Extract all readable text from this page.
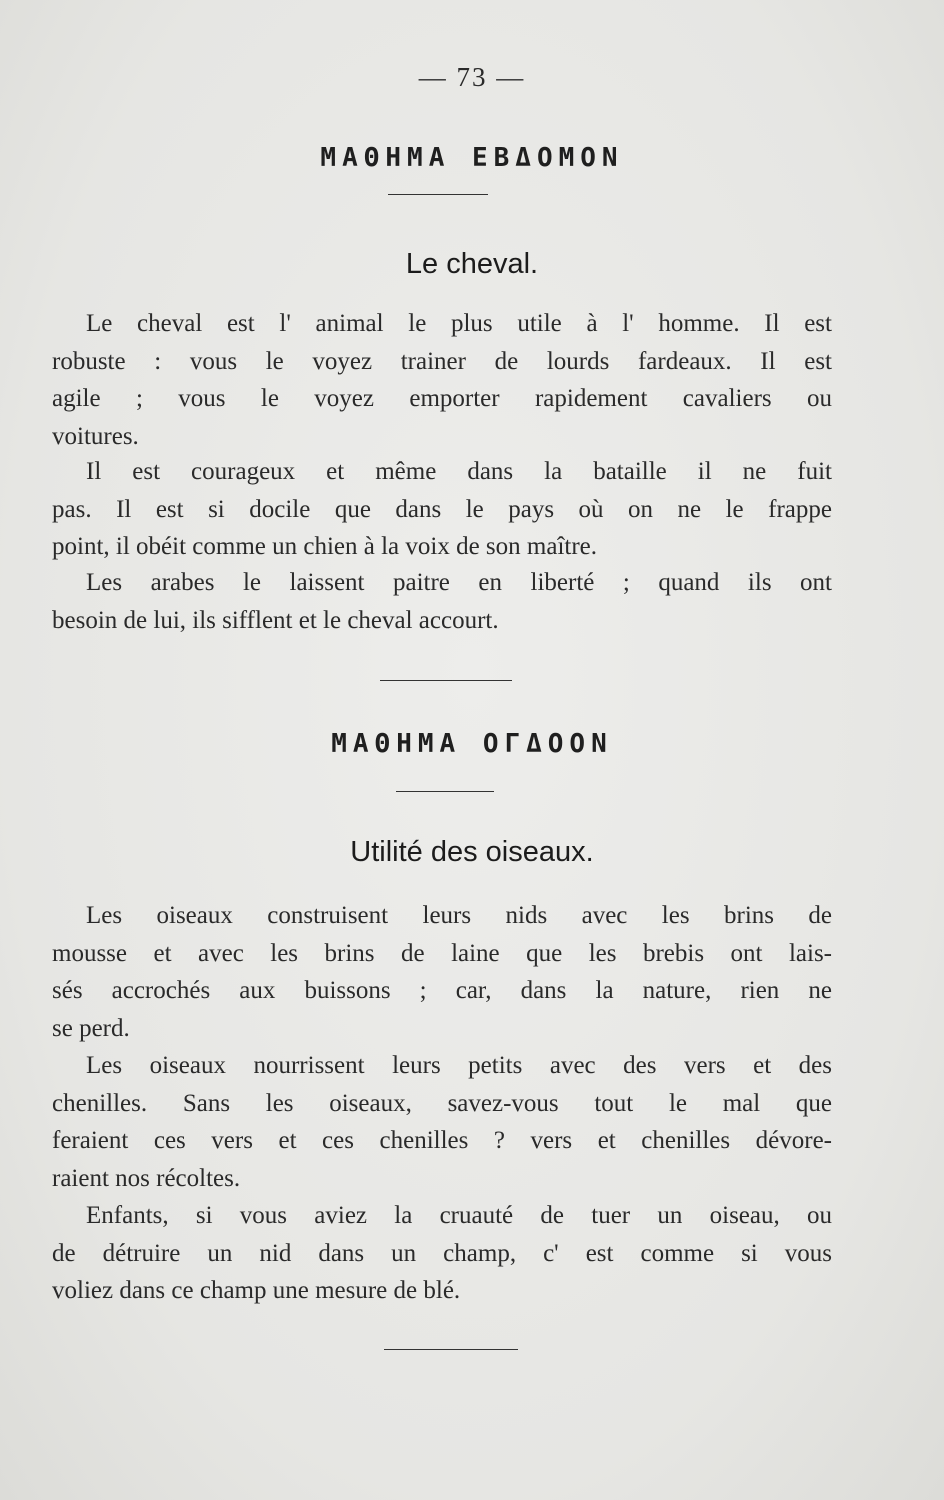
— 73 —
ΜΑΘΗΜΑ ΕΒΔΟΜΟΝ
Le cheval.
Le cheval est l' animal le plus utile à l' homme. Il est
robuste : vous le voyez trainer de lourds fardeaux. Il est
agile ; vous le voyez emporter rapidement cavaliers ou
voitures.
Il est courageux et même dans la bataille il ne fuit
pas. Il est si docile que dans le pays où on ne le frappe
point, il obéit comme un chien à la voix de son maître.
Les arabes le laissent paitre en liberté ; quand ils ont
besoin de lui, ils sifflent et le cheval accourt.
ΜΑΘΗΜΑ ΟΓΔΟΟΝ
Utilité des oiseaux.
Les oiseaux construisent leurs nids avec les brins de
mousse et avec les brins de laine que les brebis ont lais-
sés accrochés aux buissons ; car, dans la nature, rien ne
se perd.
Les oiseaux nourrissent leurs petits avec des vers et des
chenilles. Sans les oiseaux, savez-vous tout le mal que
feraient ces vers et ces chenilles ? vers et chenilles dévore-
raient nos récoltes.
Enfants, si vous aviez la cruauté de tuer un oiseau, ou
de détruire un nid dans un champ, c' est comme si vous
voliez dans ce champ une mesure de blé.
